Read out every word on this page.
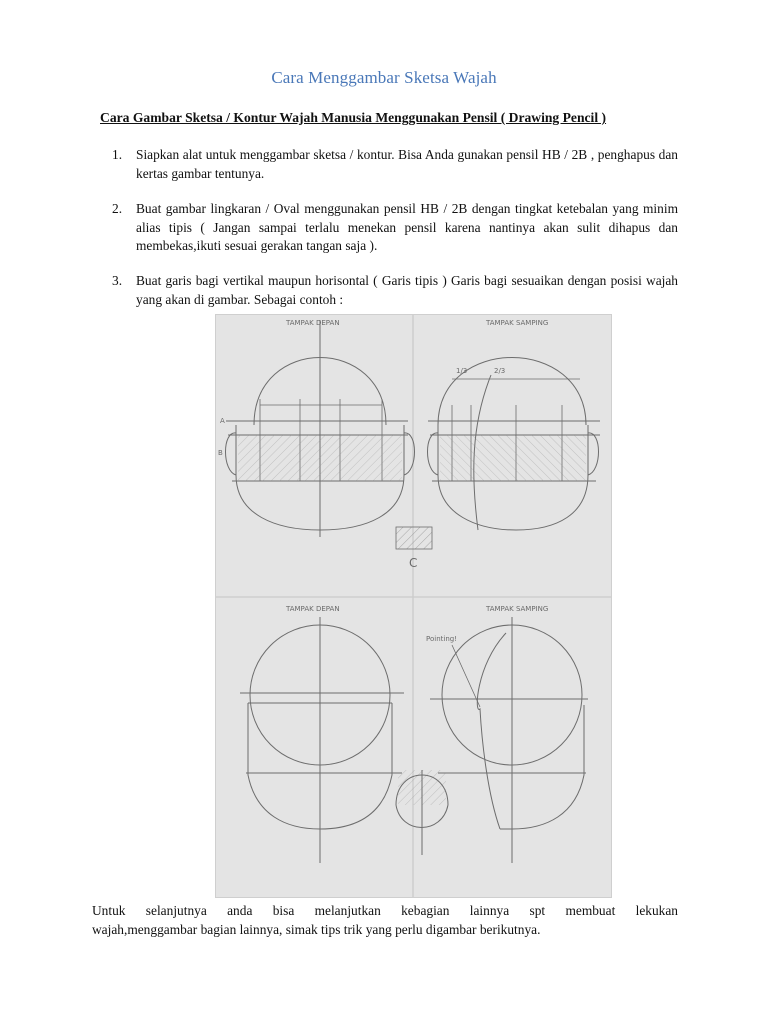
Cara Menggambar Sketsa Wajah
Cara Gambar Sketsa / Kontur Wajah Manusia Menggunakan Pensil ( Drawing Pencil )
1. Siapkan alat untuk menggambar sketsa / kontur. Bisa Anda gunakan pensil HB / 2B , penghapus dan kertas gambar tentunya.
2. Buat gambar lingkaran / Oval menggunakan pensil HB / 2B dengan tingkat ketebalan yang minim alias tipis ( Jangan sampai terlalu menekan pensil karena nantinya akan sulit dihapus dan membekas,ikuti sesuai gerakan tangan saja ).
3. Buat garis bagi vertikal maupun horisontal ( Garis tipis ) Garis bagi sesuaikan dengan posisi wajah yang akan di gambar. Sebagai contoh :
TAMPAK DEPAN
A
B
TAMPAK SAMPING
1/3	2/3
C
TAMPAK DEPAN	TAMPAK SAMPING
Pointing!
Untuk selanjutnya anda bisa melanjutkan kebagian lainnya spt membuat lekukan
wajah,menggambar bagian lainnya, simak tips trik yang perlu digambar berikutnya.
